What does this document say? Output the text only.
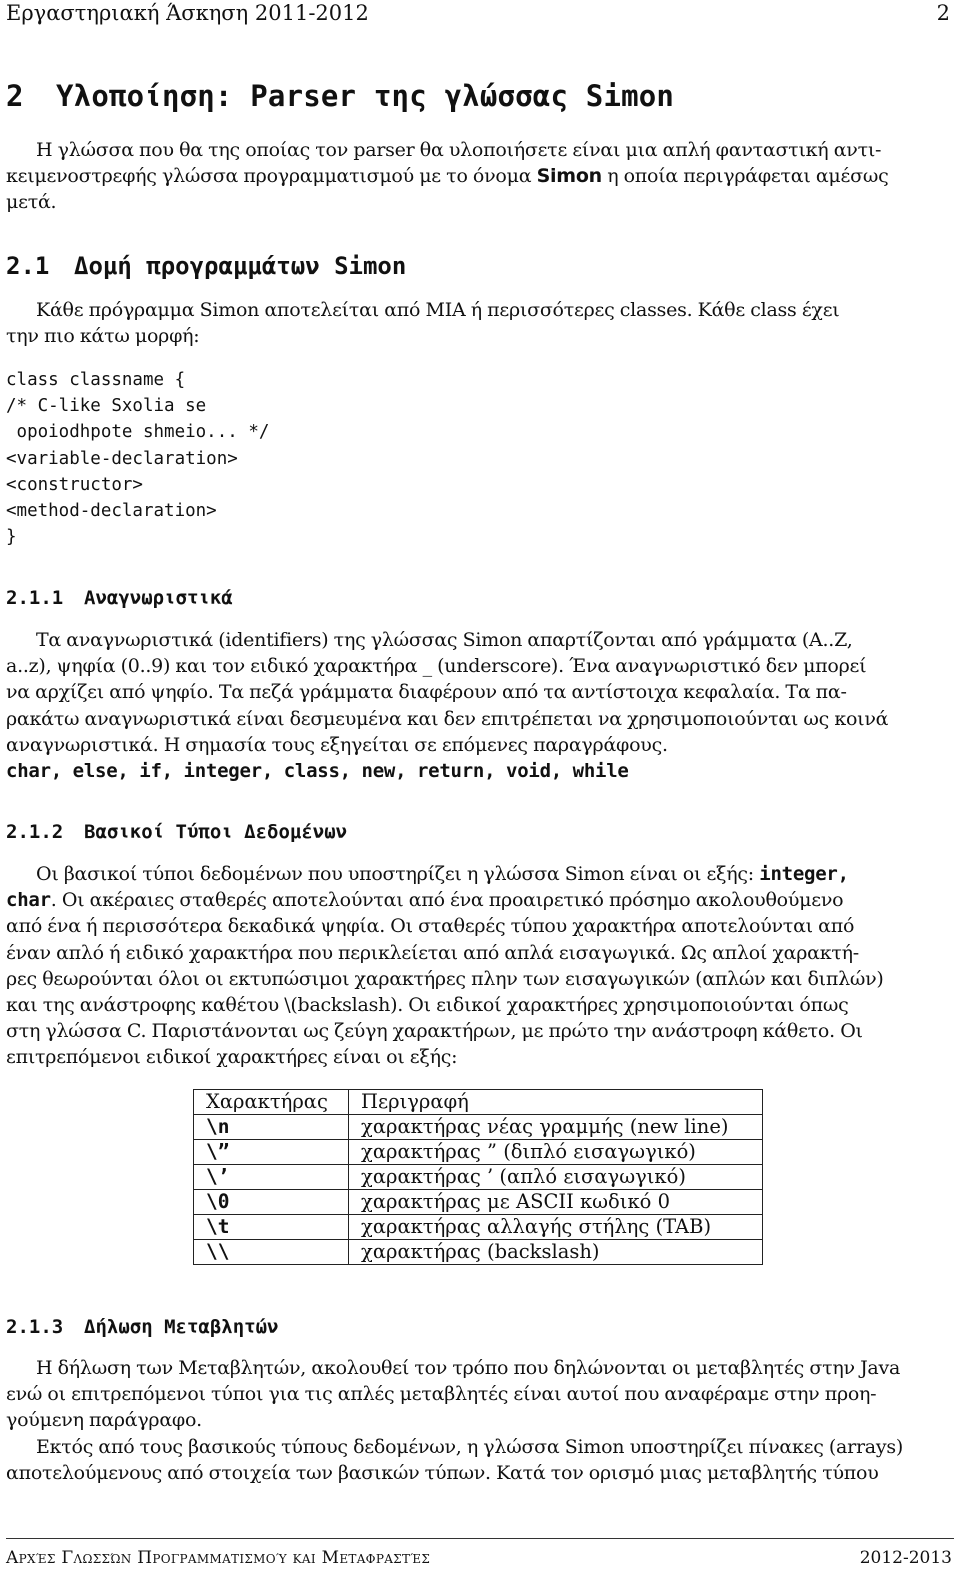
Εργαστηριακή Άσκηση 2011-2012	2
2 Υλοποίηση: Parser της γλώσσας Simon
Η γλώσσα που θα της οποίας τον parser θα υλοποιήσετε είναι μια απλή φανταστική αντι-
κειμενοστρεφής γλώσσα προγραμματισμού με το όνομα Simon η οποία περιγράφεται αμέσως
μετά.
2.1 Δομή προγραμμάτων Simon
Κάθε πρόγραμμα Simon αποτελείται από ΜΙΑ ή περισσότερες classes. Κάθε class έχει
την πιο κάτω μορφή:
class classname {
/* C-like Sxolia se
opoiodhpote shmeio... */
<variable-declaration>
<constructor>
<method-declaration>
}
2.1.1 Αναγνωριστικά
Τα αναγνωριστικά (identifiers) της γλώσσας Simon απαρτίζονται από γράμματα (A..Z,
a..z), ψηφία (0..9) και τον ειδικό χαρακτήρα _ (underscore). Ένα αναγνωριστικό δεν μπορεί
να αρχίζει από ψηφίο. Τα πεζά γράμματα διαφέρουν από τα αντίστοιχα κεφαλαία. Τα πα-
ρακάτω αναγνωριστικά είναι δεσμευμένα και δεν επιτρέπεται να χρησιμοποιούνται ως κοινά
αναγνωριστικά. Η σημασία τους εξηγείται σε επόμενες παραγράφους.
char, else, if, integer, class, new, return, void, while
2.1.2 Βασικοί Τύποι Δεδομένων
Οι βασικοί τύποι δεδομένων που υποστηρίζει η γλώσσα Simon είναι οι εξής: integer,
char. Οι ακέραιες σταθερές αποτελούνται από ένα προαιρετικό πρόσημο ακολουθούμενο
από ένα ή περισσότερα δεκαδικά ψηφία. Οι σταθερές τύπου χαρακτήρα αποτελούνται από
έναν απλό ή ειδικό χαρακτήρα που περικλείεται από απλά εισαγωγικά. Ως απλοί χαρακτή-
ρες θεωρούνται όλοι οι εκτυπώσιμοι χαρακτήρες πλην των εισαγωγικών (απλών και διπλών)
και της ανάστροφης καθέτου \(backslash). Οι ειδικοί χαρακτήρες χρησιμοποιούνται όπως
στη γλώσσα C. Παριστάνονται ως ζεύγη χαρακτήρων, με πρώτο την ανάστροφη κάθετο. Οι
επιτρεπόμενοι ειδικοί χαρακτήρες είναι οι εξής:
Χαρακτήρας	Περιγραφή
\n	χαρακτήρας νέας γραμμής (new line)
\”	χαρακτήρας ” (διπλό εισαγωγικό)
\’	χαρακτήρας ’ (απλό εισαγωγικό)
\0	χαρακτήρας με ASCII κωδικό 0
\t	χαρακτήρας αλλαγής στήλης (TAB)
\\	χαρακτήρας (backslash)
2.1.3 Δήλωση Μεταβλητών
Η δήλωση των Μεταβλητών, ακολουθεί τον τρόπο που δηλώνονται οι μεταβλητές στην Java
ενώ οι επιτρεπόμενοι τύποι για τις απλές μεταβλητές είναι αυτοί που αναφέραμε στην προη-
γούμενη παράγραφο.
Εκτός από τους βασικούς τύπους δεδομένων, η γλώσσα Simon υποστηρίζει πίνακες (arrays)
αποτελούμενους από στοιχεία των βασικών τύπων. Κατά τον ορισμό μιας μεταβλητής τύπου
Αρχές Γλωσσών Προγραμματισμού και Μεταφραστές	2012-2013
